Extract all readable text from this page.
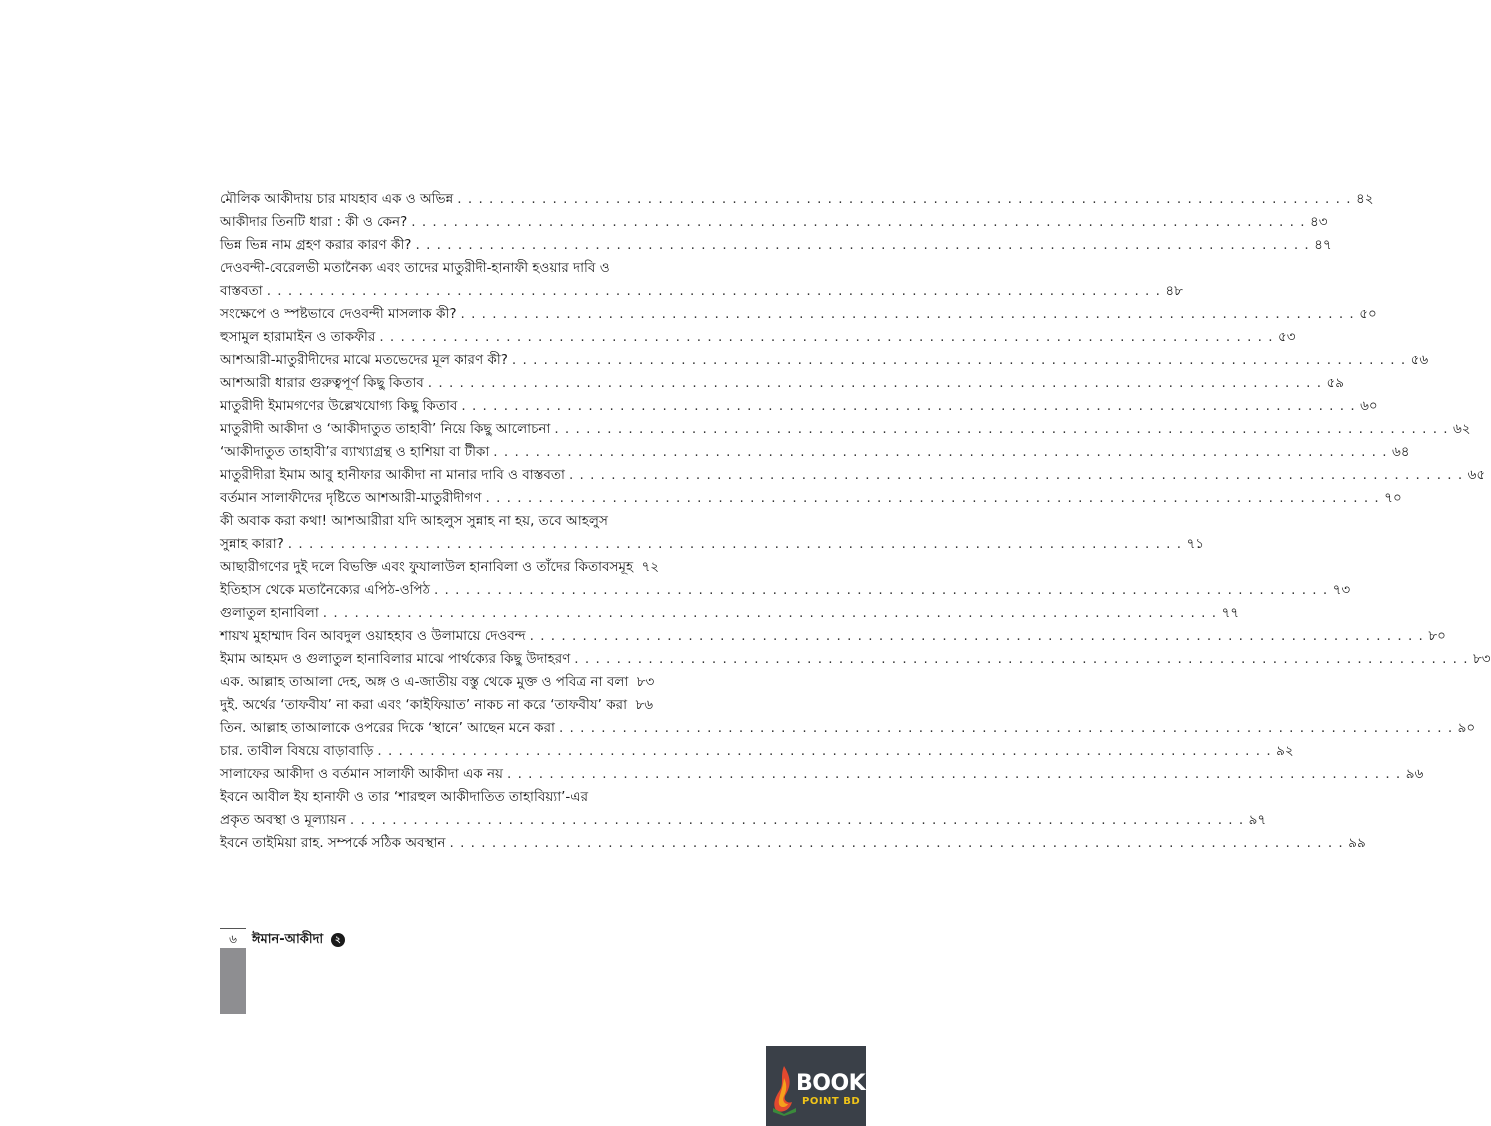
মৌলিক আকীদায় চার মাযহাব এক ও অভিন্ন . . . . . . . . . . . . . . . . . . . . . . . . . . . . . . . . . . . . . . . . . . . . . . . . . . . . . . . . . . . . . . . . . . . . . . . . . . . . . . . . . . . . . ৪২
আকীদার তিনটি ধারা : কী ও কেন? . . . . . . . . . . . . . . . . . . . . . . . . . . . . . . . . . . . . . . . . . . . . . . . . . . . . . . . . . . . . . . . . . . . . . . . . . . . . . . . . . . . . . ৪৩
ভিন্ন ভিন্ন নাম গ্রহণ করার কারণ কী? . . . . . . . . . . . . . . . . . . . . . . . . . . . . . . . . . . . . . . . . . . . . . . . . . . . . . . . . . . . . . . . . . . . . . . . . . . . . . . . . . . . . . ৪৭
দেওবন্দী-বেরেলভী মতানৈক্য এবং তাদের মাতুরীদী-হানাফী হওয়ার দাবি ও
বাস্তবতা . . . . . . . . . . . . . . . . . . . . . . . . . . . . . . . . . . . . . . . . . . . . . . . . . . . . . . . . . . . . . . . . . . . . . . . . . . . . . . . . . . . . . ৪৮
সংক্ষেপে ও স্পষ্টভাবে দেওবন্দী মাসলাক কী? . . . . . . . . . . . . . . . . . . . . . . . . . . . . . . . . . . . . . . . . . . . . . . . . . . . . . . . . . . . . . . . . . . . . . . . . . . . . . . . . . . . . . ৫০
হুসামুল হারামাইন ও তাকফীর . . . . . . . . . . . . . . . . . . . . . . . . . . . . . . . . . . . . . . . . . . . . . . . . . . . . . . . . . . . . . . . . . . . . . . . . . . . . . . . . . . . . . ৫৩
আশআরী-মাতুরীদীদের মাঝে মতভেদের মূল কারণ কী? . . . . . . . . . . . . . . . . . . . . . . . . . . . . . . . . . . . . . . . . . . . . . . . . . . . . . . . . . . . . . . . . . . . . . . . . . . . . . . . . . . . . . ৫৬
আশআরী ধারার গুরুত্বপূর্ণ কিছু কিতাব . . . . . . . . . . . . . . . . . . . . . . . . . . . . . . . . . . . . . . . . . . . . . . . . . . . . . . . . . . . . . . . . . . . . . . . . . . . . . . . . . . . . . ৫৯
মাতুরীদী ইমামগণের উল্লেখযোগ্য কিছু কিতাব . . . . . . . . . . . . . . . . . . . . . . . . . . . . . . . . . . . . . . . . . . . . . . . . . . . . . . . . . . . . . . . . . . . . . . . . . . . . . . . . . . . . . ৬০
মাতুরীদী আকীদা ও ‘আকীদাতুত তাহাবী’ নিয়ে কিছু আলোচনা . . . . . . . . . . . . . . . . . . . . . . . . . . . . . . . . . . . . . . . . . . . . . . . . . . . . . . . . . . . . . . . . . . . . . . . . . . . . . . . . . . . . . ৬২
‘আকীদাতুত তাহাবী’র ব্যাখ্যাগ্রন্থ ও হাশিয়া বা টীকা . . . . . . . . . . . . . . . . . . . . . . . . . . . . . . . . . . . . . . . . . . . . . . . . . . . . . . . . . . . . . . . . . . . . . . . . . . . . . . . . . . . . . ৬৪
মাতুরীদীরা ইমাম আবু হানীফার আকীদা না মানার দাবি ও বাস্তবতা . . . . . . . . . . . . . . . . . . . . . . . . . . . . . . . . . . . . . . . . . . . . . . . . . . . . . . . . . . . . . . . . . . . . . . . . . . . . . . . . . . . . . ৬৫
বর্তমান সালাফীদের দৃষ্টিতে আশআরী-মাতুরীদীগণ . . . . . . . . . . . . . . . . . . . . . . . . . . . . . . . . . . . . . . . . . . . . . . . . . . . . . . . . . . . . . . . . . . . . . . . . . . . . . . . . . . . . . ৭০
কী অবাক করা কথা! আশআরীরা যদি আহলুস সুন্নাহ না হয়, তবে আহলুস
সুন্নাহ কারা? . . . . . . . . . . . . . . . . . . . . . . . . . . . . . . . . . . . . . . . . . . . . . . . . . . . . . . . . . . . . . . . . . . . . . . . . . . . . . . . . . . . . . ৭১
আছারীগণের দুই দলে বিভক্তি এবং ফুযালাউল হানাবিলা ও তাঁদের কিতাবসমূহ ৭২
ইতিহাস থেকে মতানৈক্যের এপিঠ-ওপিঠ . . . . . . . . . . . . . . . . . . . . . . . . . . . . . . . . . . . . . . . . . . . . . . . . . . . . . . . . . . . . . . . . . . . . . . . . . . . . . . . . . . . . . ৭৩
গুলাতুল হানাবিলা . . . . . . . . . . . . . . . . . . . . . . . . . . . . . . . . . . . . . . . . . . . . . . . . . . . . . . . . . . . . . . . . . . . . . . . . . . . . . . . . . . . . . ৭৭
শায়খ মুহাম্মাদ বিন আবদুল ওয়াহহাব ও উলামায়ে দেওবন্দ . . . . . . . . . . . . . . . . . . . . . . . . . . . . . . . . . . . . . . . . . . . . . . . . . . . . . . . . . . . . . . . . . . . . . . . . . . . . . . . . . . . . . ৮০
ইমাম আহমদ ও গুলাতুল হানাবিলার মাঝে পার্থক্যের কিছু উদাহরণ . . . . . . . . . . . . . . . . . . . . . . . . . . . . . . . . . . . . . . . . . . . . . . . . . . . . . . . . . . . . . . . . . . . . . . . . . . . . . . . . . . . . . ৮৩
এক. আল্লাহ তাআলা দেহ, অঙ্গ ও এ-জাতীয় বস্তু থেকে মুক্ত ও পবিত্র না বলা ৮৩
দুই. অর্থের ‘তাফবীয’ না করা এবং ‘কাইফিয়াত’ নাকচ না করে ‘তাফবীয’ করা ৮৬
তিন. আল্লাহ তাআলাকে ওপরের দিকে ‘স্থানে’ আছেন মনে করা . . . . . . . . . . . . . . . . . . . . . . . . . . . . . . . . . . . . . . . . . . . . . . . . . . . . . . . . . . . . . . . . . . . . . . . . . . . . . . . . . . . . . ৯০
চার. তাবীল বিষয়ে বাড়াবাড়ি . . . . . . . . . . . . . . . . . . . . . . . . . . . . . . . . . . . . . . . . . . . . . . . . . . . . . . . . . . . . . . . . . . . . . . . . . . . . . . . . . . . . . ৯২
সালাফের আকীদা ও বর্তমান সালাফী আকীদা এক নয় . . . . . . . . . . . . . . . . . . . . . . . . . . . . . . . . . . . . . . . . . . . . . . . . . . . . . . . . . . . . . . . . . . . . . . . . . . . . . . . . . . . . . ৯৬
ইবনে আবীল ইয হানাফী ও তার ‘শারহুল আকীদাতিত তাহাবিয়্যা’-এর
প্রকৃত অবস্থা ও মূল্যায়ন . . . . . . . . . . . . . . . . . . . . . . . . . . . . . . . . . . . . . . . . . . . . . . . . . . . . . . . . . . . . . . . . . . . . . . . . . . . . . . . . . . . . . ৯৭
ইবনে তাইমিয়া রাহ. সম্পর্কে সঠিক অবস্থান . . . . . . . . . . . . . . . . . . . . . . . . . . . . . . . . . . . . . . . . . . . . . . . . . . . . . . . . . . . . . . . . . . . . . . . . . . . . . . . . . . . . . ৯৯
৬	ঈমান-আকীদা ২
BOOK
POINT BD
